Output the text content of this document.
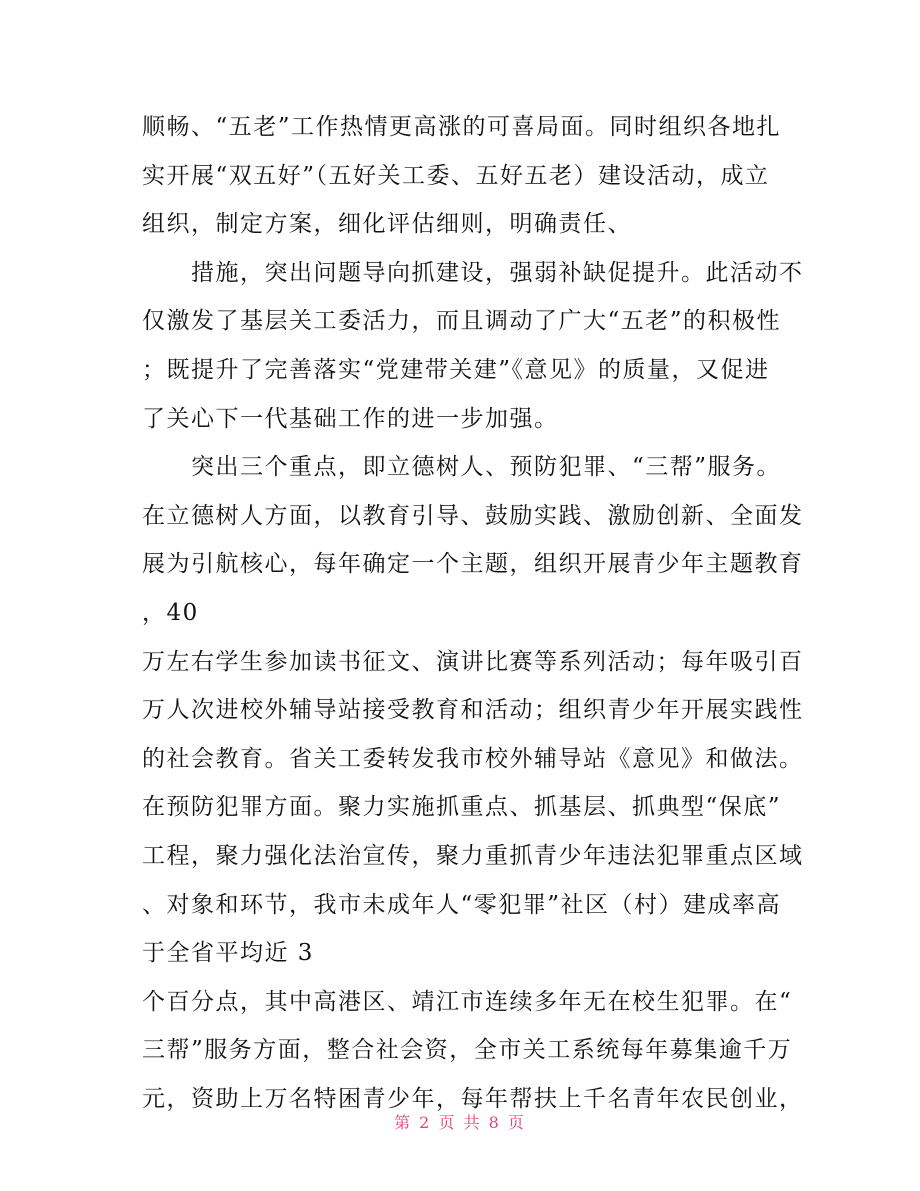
顺畅、“五老”工作热情更高涨的可喜局面。同时组织各地扎
实开展“双五好”（五好关工委、五好五老）建设活动，成立
组织，制定方案，细化评估细则，明确责任、
　　措施，突出问题导向抓建设，强弱补缺促提升。此活动不
仅激发了基层关工委活力，而且调动了广大“五老”的积极性
；既提升了完善落实“党建带关建”《意见》的质量，又促进
了关心下一代基础工作的进一步加强。
　　突出三个重点，即立德树人、预防犯罪、“三帮”服务。
在立德树人方面，以教育引导、鼓励实践、激励创新、全面发
展为引航核心，每年确定一个主题，组织开展青少年主题教育
，40
万左右学生参加读书征文、演讲比赛等系列活动；每年吸引百
万人次进校外辅导站接受教育和活动；组织青少年开展实践性
的社会教育。省关工委转发我市校外辅导站《意见》和做法。
在预防犯罪方面。聚力实施抓重点、抓基层、抓典型“保底”
工程，聚力强化法治宣传，聚力重抓青少年违法犯罪重点区域
、对象和环节，我市未成年人“零犯罪”社区（村）建成率高
于全省平均近 3
个百分点，其中高港区、靖江市连续多年无在校生犯罪。在“
三帮”服务方面，整合社会资，全市关工系统每年募集逾千万
元，资助上万名特困青少年，每年帮扶上千名青年农民创业，
第 2 页 共 8 页
